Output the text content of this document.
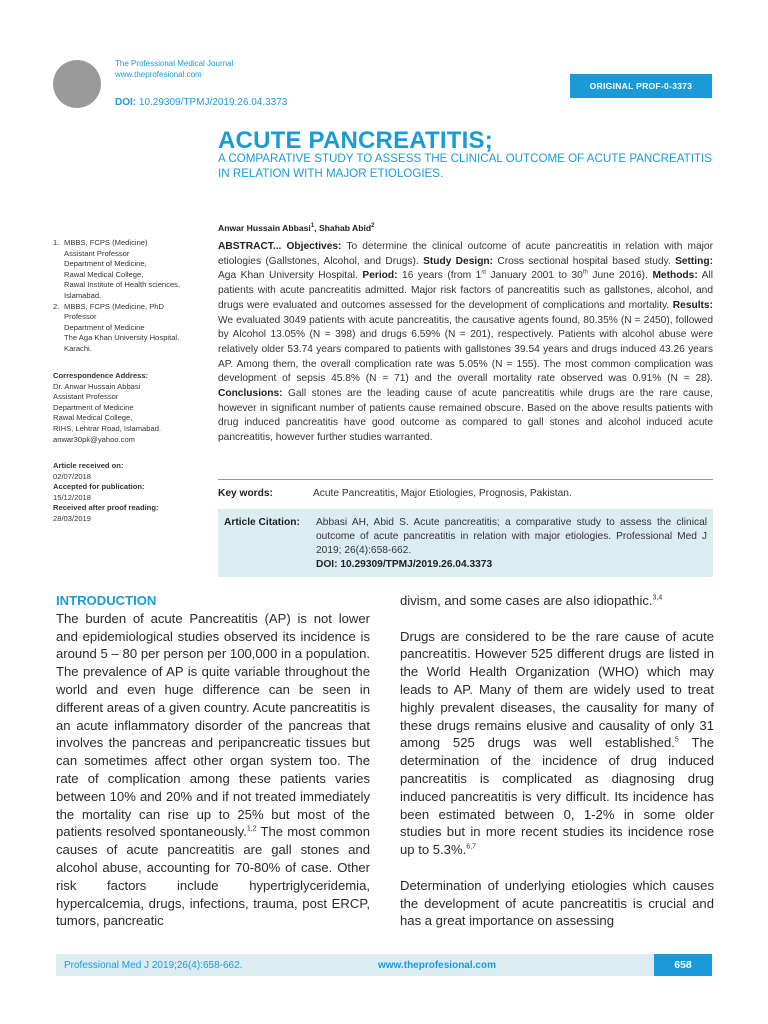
The Professional Medical Journal
www.theprofesional.com
DOI: 10.29309/TPMJ/2019.26.04.3373
ORIGINAL PROF-0-3373
ACUTE PANCREATITIS;
A COMPARATIVE STUDY TO ASSESS THE CLINICAL OUTCOME OF ACUTE PANCREATITIS IN RELATION WITH MAJOR ETIOLOGIES.
Anwar Hussain Abbasi$^1$, Shahab Abid$^2$
1. MBBS, FCPS (Medicine)
Assistant Professor
Department of Medicine,
Rawal Medical College,
Rawal Institute of Health sciences,
Islamabad.
2. MBBS, FCPS (Medicine, PhD
Professor
Department of Medicine
The Aga Khan University Hospital,
Karachi.
Correspondence Address:
Dr. Anwar Hussain Abbasi
Assistant Professor
Department of Medicine
Rawal Medical College,
RIHS, Lehtrar Road, Islamabad.
anwar30pk@yahoo.com
Article received on:
02/07/2018
Accepted for publication:
15/12/2018
Received after proof reading:
28/03/2019
ABSTRACT... Objectives: To determine the clinical outcome of acute pancreatitis in relation with major etiologies (Gallstones, Alcohol, and Drugs). Study Design: Cross sectional hospital based study. Setting: Aga Khan University Hospital. Period: 16 years (from 1st January 2001 to 30th June 2016). Methods: All patients with acute pancreatitis admitted. Major risk factors of pancreatitis such as gallstones, alcohol, and drugs were evaluated and outcomes assessed for the development of complications and mortality. Results: We evaluated 3049 patients with acute pancreatitis, the causative agents found, 80.35% (N = 2450), followed by Alcohol 13.05% (N = 398) and drugs 6.59% (N = 201), respectively. Patients with alcohol abuse were relatively older 53.74 years compared to patients with gallstones 39.54 years and drugs induced 43.26 years AP. Among them, the overall complication rate was 5.05% (N = 155). The most common complication was development of sepsis 45.8% (N = 71) and the overall mortality rate observed was 0.91% (N = 28). Conclusions: Gall stones are the leading cause of acute pancreatitis while drugs are the rare cause, however in significant number of patients cause remained obscure. Based on the above results patients with drug induced pancreatitis have good outcome as compared to gall stones and alcohol induced acute pancreatitis, however further studies warranted.
Key words:	Acute Pancreatitis, Major Etiologies, Prognosis, Pakistan.
Article Citation:	Abbasi AH, Abid S. Acute pancreatitis; a comparative study to assess the clinical outcome of acute pancreatitis in relation with major etiologies. Professional Med J 2019; 26(4):658-662.
DOI: 10.29309/TPMJ/2019.26.04.3373
INTRODUCTION

The burden of acute Pancreatitis (AP) is not lower and epidemiological studies observed its incidence is around 5 – 80 per person per 100,000 in a population. The prevalence of AP is quite variable throughout the world and even huge difference can be seen in different areas of a given country. Acute pancreatitis is an acute inflammatory disorder of the pancreas that involves the pancreas and peripancreatic tissues but can sometimes affect other organ system too. The rate of complication among these patients varies between 10% and 20% and if not treated immediately the mortality can rise up to 25% but most of the patients resolved spontaneously.$^{1,2}$ The most common causes of acute pancreatitis are gall stones and alcohol abuse, accounting for 70-80% of case. Other risk factors include hypertriglyceridemia, hypercalcemia, drugs, infections, trauma, post ERCP, tumors, pancreatic

divism, and some cases are also idiopathic.$^{3,4}$

Drugs are considered to be the rare cause of acute pancreatitis. However 525 different drugs are listed in the World Health Organization (WHO) which may leads to AP. Many of them are widely used to treat highly prevalent diseases, the causality for many of these drugs remains elusive and causality of only 31 among 525 drugs was well established.$^5$ The determination of the incidence of drug induced pancreatitis is complicated as diagnosing drug induced pancreatitis is very difficult. Its incidence has been estimated between 0, 1-2% in some older studies but in more recent studies its incidence rose up to 5.3%.$^{6,7}$

Determination of underlying etiologies which causes the development of acute pancreatitis is crucial and has a great importance on assessing

Professional Med J 2019;26(4):658-662.	www.theprofesional.com	658
